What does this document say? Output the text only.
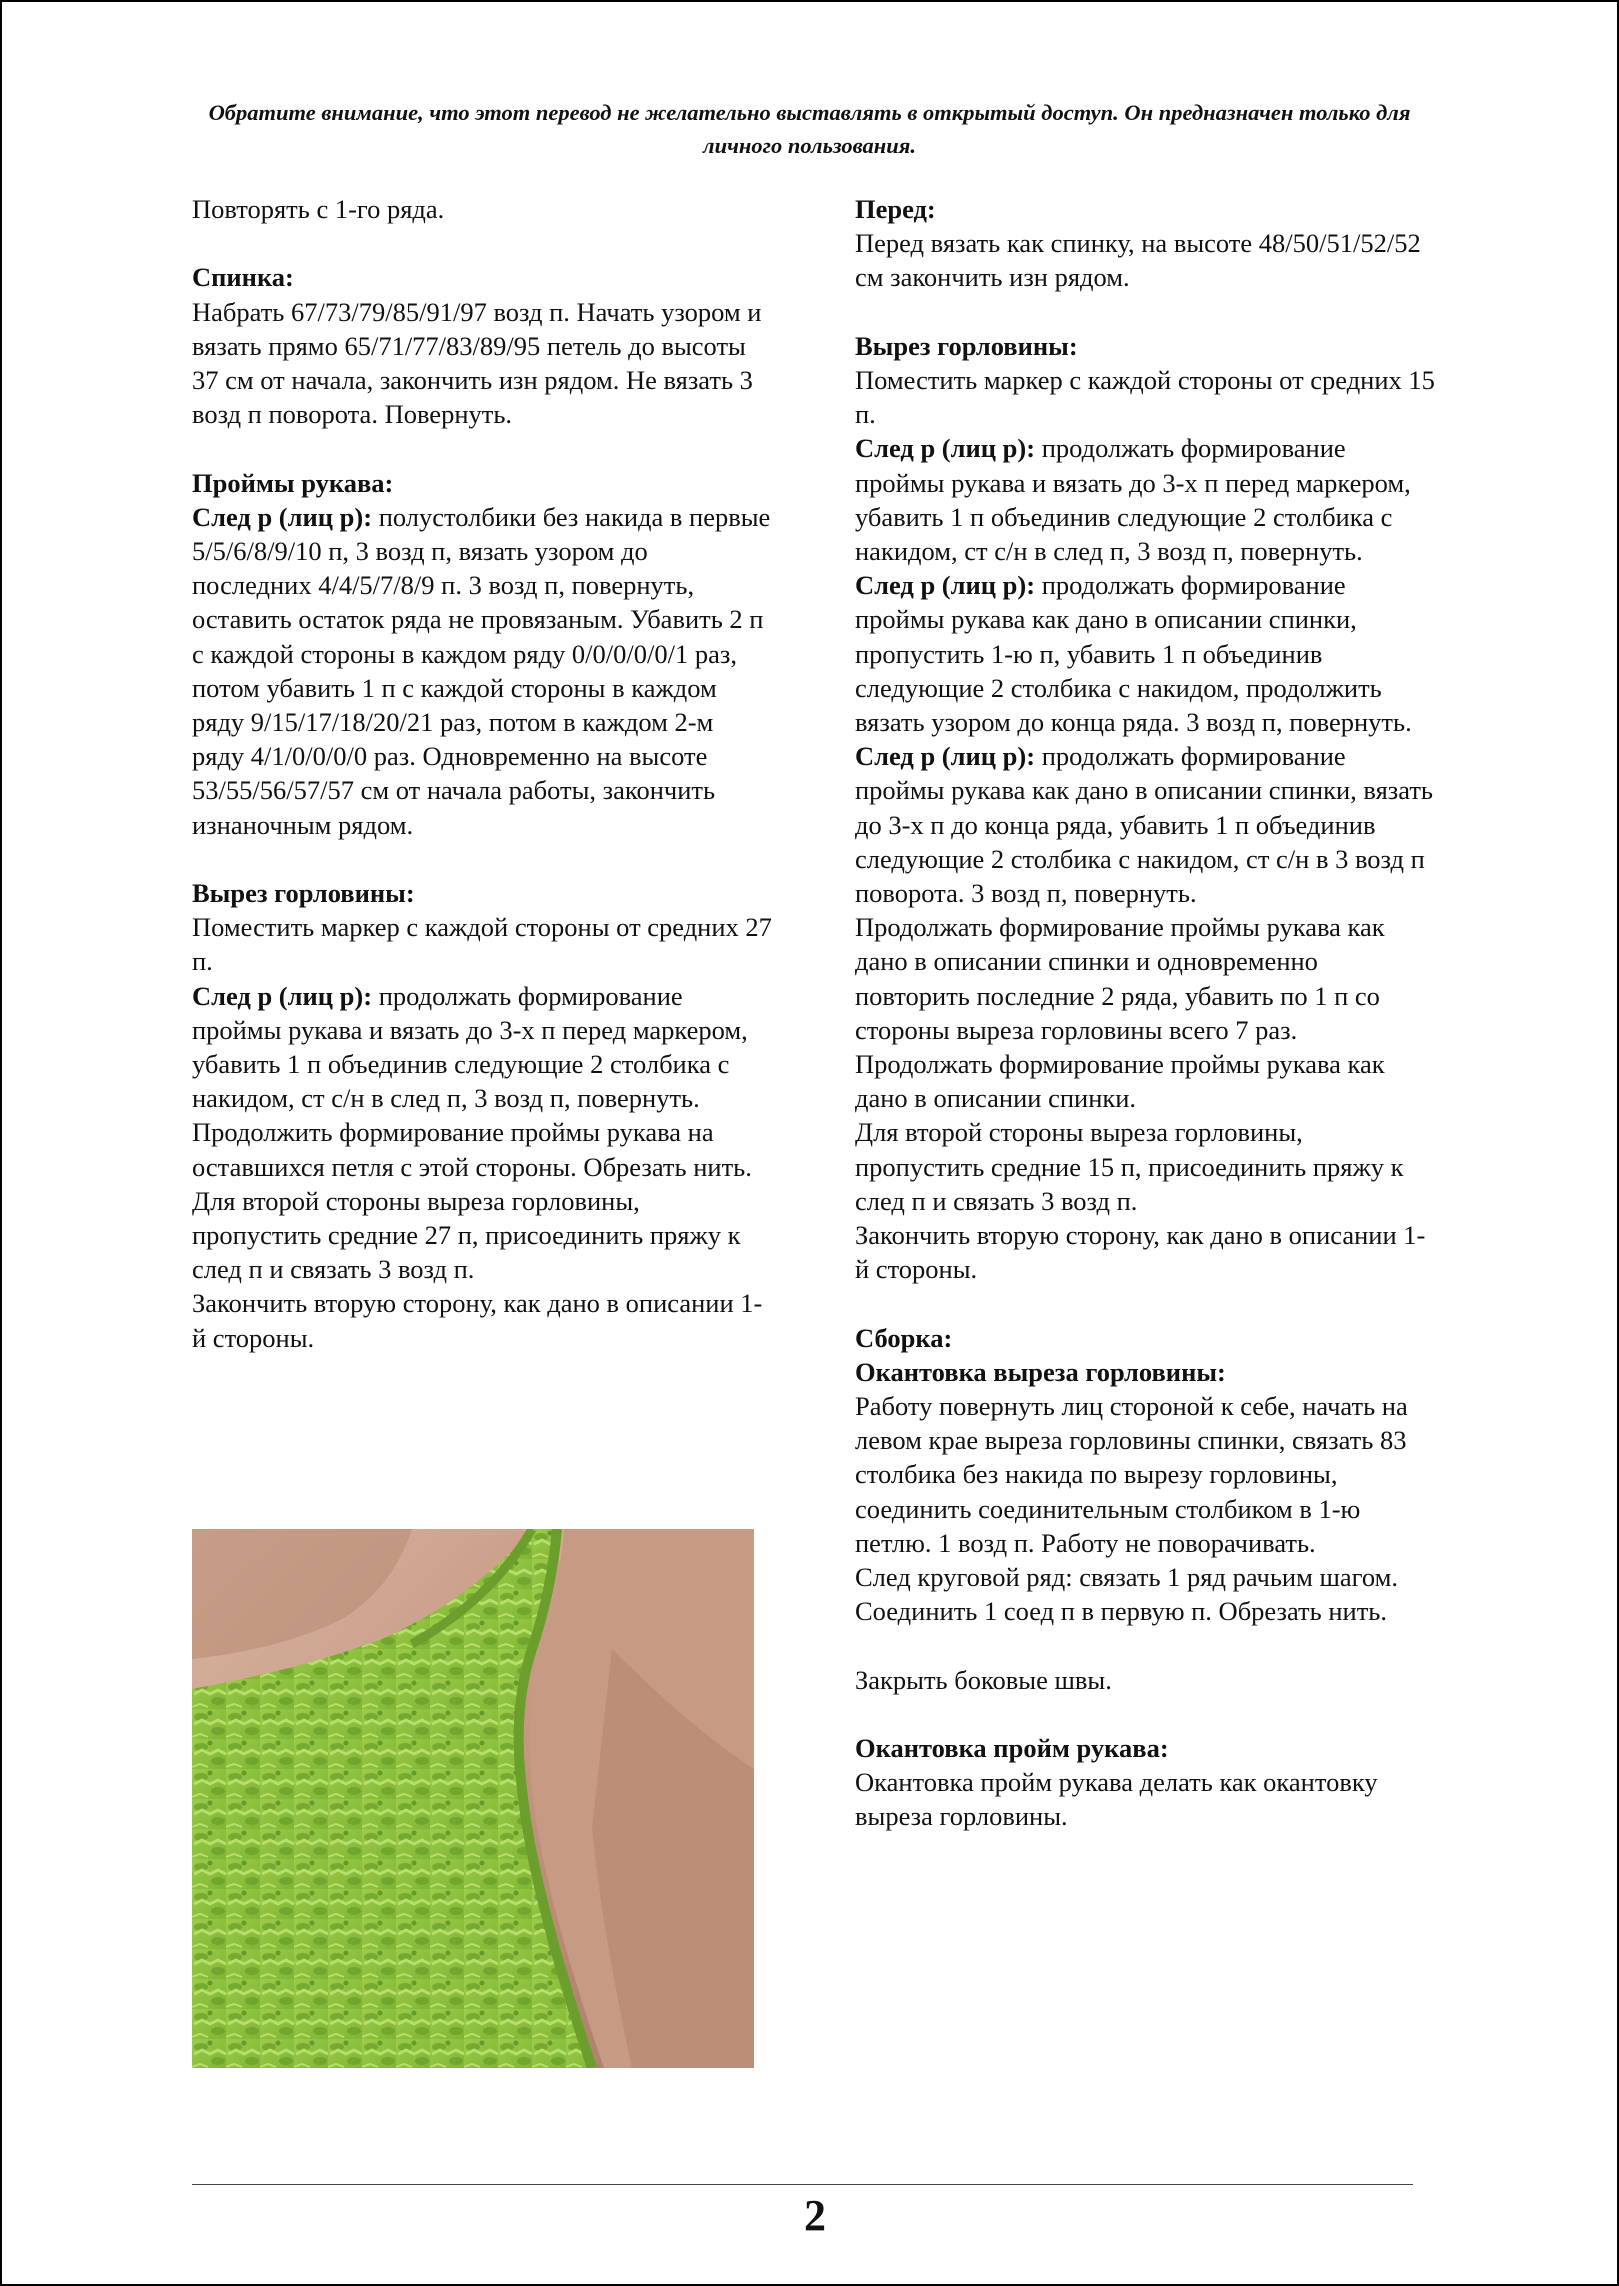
Обратите внимание, что этот перевод не желательно выставлять в открытый доступ. Он предназначен только для личного пользования.

Повторять с 1-го ряда.

Спинка:

Набрать 67/73/79/85/91/97 возд п. Начать узором и вязать прямо 65/71/77/83/89/95 петель до высоты 37 см от начала, закончить изн рядом. Не вязать 3 возд п поворота. Повернуть.

Проймы рукава:

След р (лиц р): полустолбики без накида в первые 5/5/6/8/9/10 п, 3 возд п, вязать узором до последних 4/4/5/7/8/9 п. 3 возд п, повернуть, оставить остаток ряда не провязаным. Убавить 2 п с каждой стороны в каждом ряду 0/0/0/0/0/1 раз, потом убавить 1 п с каждой стороны в каждом ряду 9/15/17/18/20/21 раз, потом в каждом 2-м ряду 4/1/0/0/0/0 раз. Одновременно на высоте 53/55/56/57/57 см от начала работы, закончить изнаночным рядом.

Вырез горловины:

Поместить маркер с каждой стороны от средних 27 п.

След р (лиц р): продолжать формирование проймы рукава и вязать до 3-х п перед маркером, убавить 1 п объединив следующие 2 столбика с накидом, ст с/н в след п, 3 возд п, повернуть.

Продолжить формирование проймы рукава на оставшихся петля с этой стороны. Обрезать нить.

Для второй стороны выреза горловины, пропустить средние 27 п, присоединить пряжу к след п и связать 3 возд п.

Закончить вторую сторону, как дано в описании 1-й стороны.

Перед:

Перед вязать как спинку, на высоте 48/50/51/52/52 см закончить изн рядом.

Вырез горловины:

Поместить маркер с каждой стороны от средних 15 п.

След р (лиц р): продолжать формирование проймы рукава и вязать до 3-х п перед маркером, убавить 1 п объединив следующие 2 столбика с накидом, ст с/н в след п, 3 возд п, повернуть.

След р (лиц р): продолжать формирование проймы рукава как дано в описании спинки, пропустить 1-ю п, убавить 1 п объединив следующие 2 столбика с накидом, продолжить вязать узором до конца ряда. 3 возд п, повернуть.

След р (лиц р): продолжать формирование проймы рукава как дано в описании спинки, вязать до 3-х п до конца ряда, убавить 1 п объединив следующие 2 столбика с накидом, ст с/н в 3 возд п поворота. 3 возд п, повернуть.

Продолжать формирование проймы рукава как дано в описании спинки и одновременно повторить последние 2 ряда, убавить по 1 п со стороны выреза горловины всего 7 раз. Продолжать формирование проймы рукава как дано в описании спинки.

Для второй стороны выреза горловины, пропустить средние 15 п, присоединить пряжу к след п и связать 3 возд п.

Закончить вторую сторону, как дано в описании 1-й стороны.

Сборка:

Окантовка выреза горловины:

Работу повернуть лиц стороной к себе, начать на левом крае выреза горловины спинки, связать 83 столбика без накида по вырезу горловины, соединить соединительным столбиком в 1-ю петлю. 1 возд п. Работу не поворачивать.

След круговой ряд: связать 1 ряд рачьим шагом. Соединить 1 соед п в первую п. Обрезать нить.

Закрыть боковые швы.

Окантовка пройм рукава:

Окантовка пройм рукава делать как окантовку выреза горловины.

2
